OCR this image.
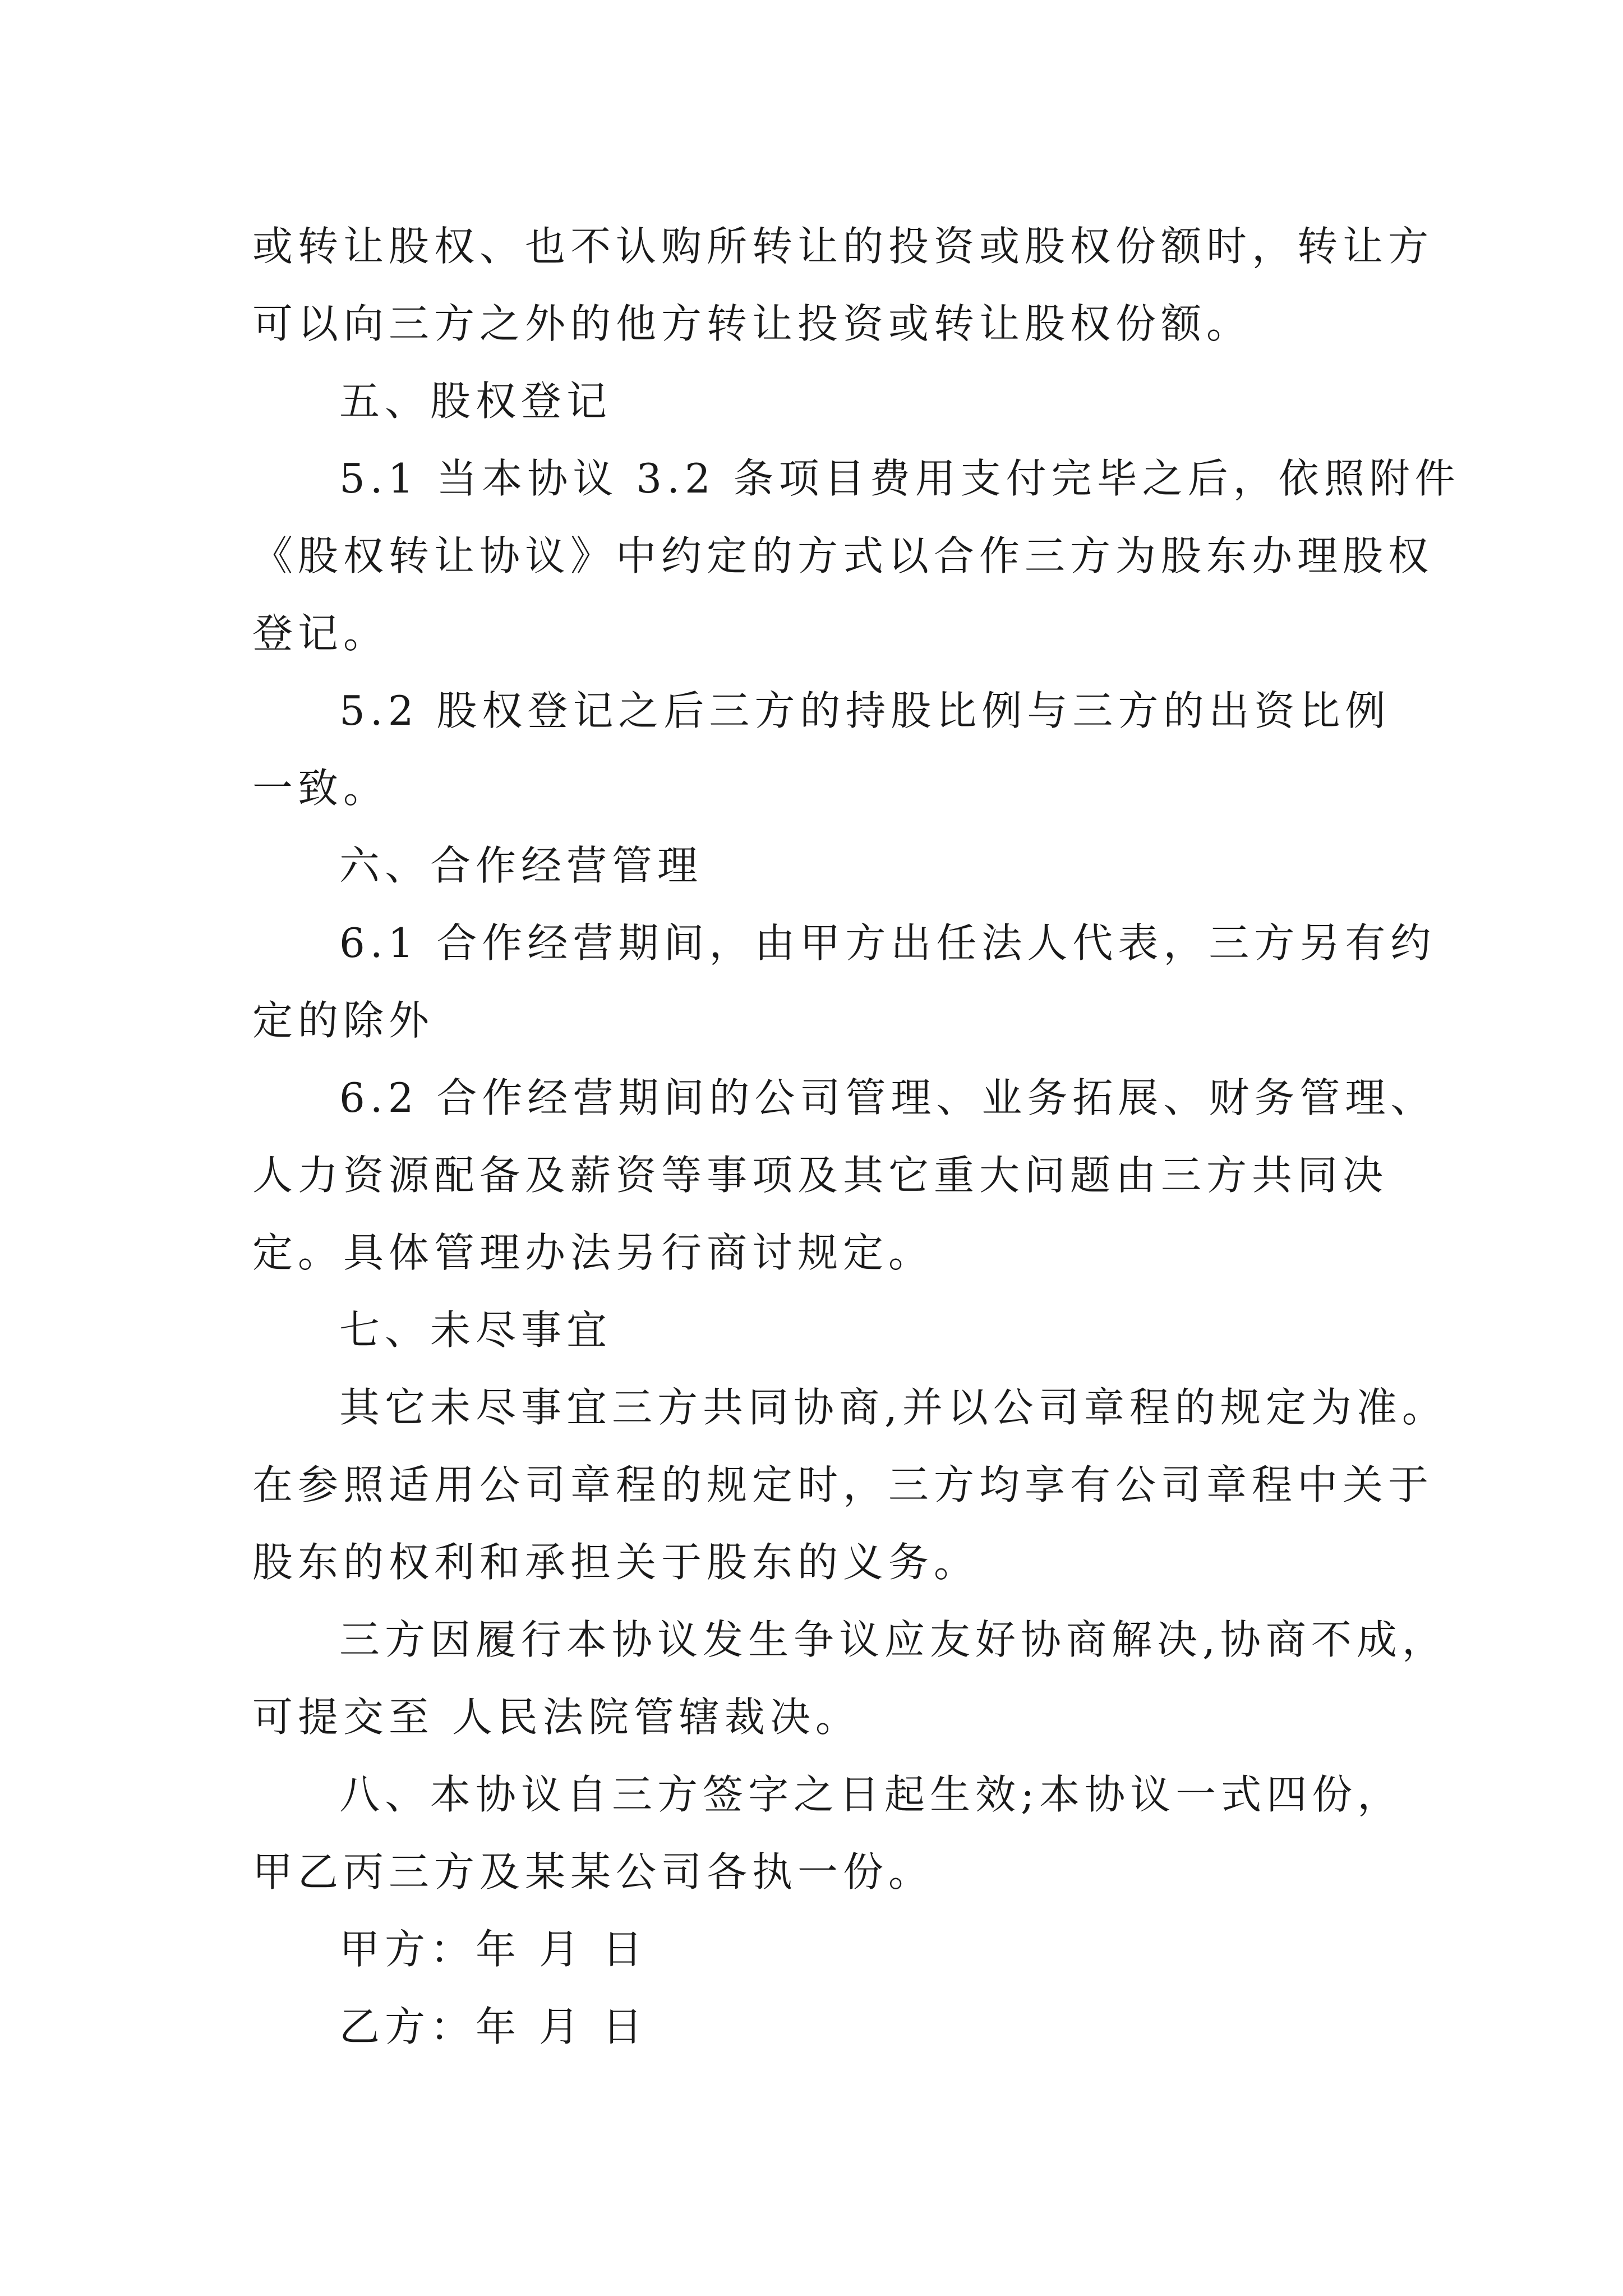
或转让股权、也不认购所转让的投资或股权份额时，转让方
可以向三方之外的他方转让投资或转让股权份额。
五、股权登记
5.1 当本协议 3.2 条项目费用支付完毕之后，依照附件
《股权转让协议》中约定的方式以合作三方为股东办理股权
登记。
5.2 股权登记之后三方的持股比例与三方的出资比例
一致。
六、合作经营管理
6.1 合作经营期间，由甲方出任法人代表，三方另有约
定的除外
6.2 合作经营期间的公司管理、业务拓展、财务管理、
人力资源配备及薪资等事项及其它重大问题由三方共同决
定。具体管理办法另行商讨规定。
七、未尽事宜
其它未尽事宜三方共同协商,并以公司章程的规定为准。
在参照适用公司章程的规定时，三方均享有公司章程中关于
股东的权利和承担关于股东的义务。
三方因履行本协议发生争议应友好协商解决,协商不成，
可提交至 人民法院管辖裁决。
八、本协议自三方签字之日起生效;本协议一式四份，
甲乙丙三方及某某公司各执一份。
甲方：年 月 日
乙方：年 月 日
